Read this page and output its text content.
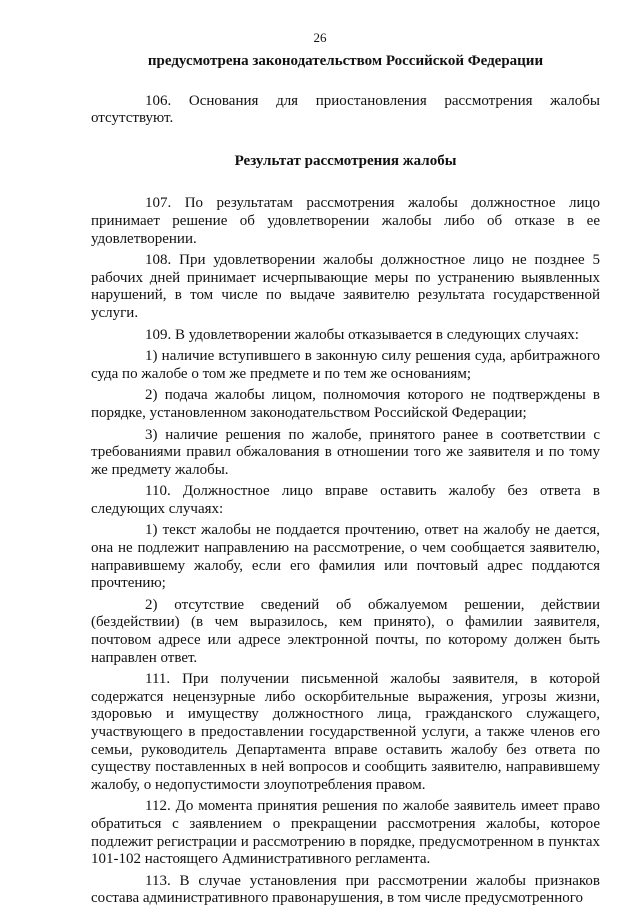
26

предусмотрена законодательством Российской Федерации

106. Основания для приостановления рассмотрения жалобы отсутствуют.

Результат рассмотрения жалобы

107. По результатам рассмотрения жалобы должностное лицо принимает решение об удовлетворении жалобы либо об отказе в ее удовлетворении.

108. При удовлетворении жалобы должностное лицо не позднее 5 рабочих дней принимает исчерпывающие меры по устранению выявленных нарушений, в том числе по выдаче заявителю результата государственной услуги.

109. В удовлетворении жалобы отказывается в следующих случаях:

1) наличие вступившего в законную силу решения суда, арбитражного суда по жалобе о том же предмете и по тем же основаниям;

2) подача жалобы лицом, полномочия которого не подтверждены в порядке, установленном законодательством Российской Федерации;

3) наличие решения по жалобе, принятого ранее в соответствии с требованиями правил обжалования в отношении того же заявителя и по тому же предмету жалобы.

110. Должностное лицо вправе оставить жалобу без ответа в следующих случаях:

1) текст жалобы не поддается прочтению, ответ на жалобу не дается, она не подлежит направлению на рассмотрение, о чем сообщается заявителю, направившему жалобу, если его фамилия или почтовый адрес поддаются прочтению;

2) отсутствие сведений об обжалуемом решении, действии (бездействии) (в чем выразилось, кем принято), о фамилии заявителя, почтовом адресе или адресе электронной почты, по которому должен быть направлен ответ.

111. При получении письменной жалобы заявителя, в которой содержатся нецензурные либо оскорбительные выражения, угрозы жизни, здоровью и имуществу должностного лица, гражданского служащего, участвующего в предоставлении государственной услуги, а также членов его семьи, руководитель Департамента вправе оставить жалобу без ответа по существу поставленных в ней вопросов и сообщить заявителю, направившему жалобу, о недопустимости злоупотребления правом.

112. До момента принятия решения по жалобе заявитель имеет право обратиться с заявлением о прекращении рассмотрения жалобы, которое подлежит регистрации и рассмотрению в порядке, предусмотренном в пунктах 101-102 настоящего Административного регламента.

113. В случае установления при рассмотрении жалобы признаков состава административного правонарушения, в том числе предусмотренного
